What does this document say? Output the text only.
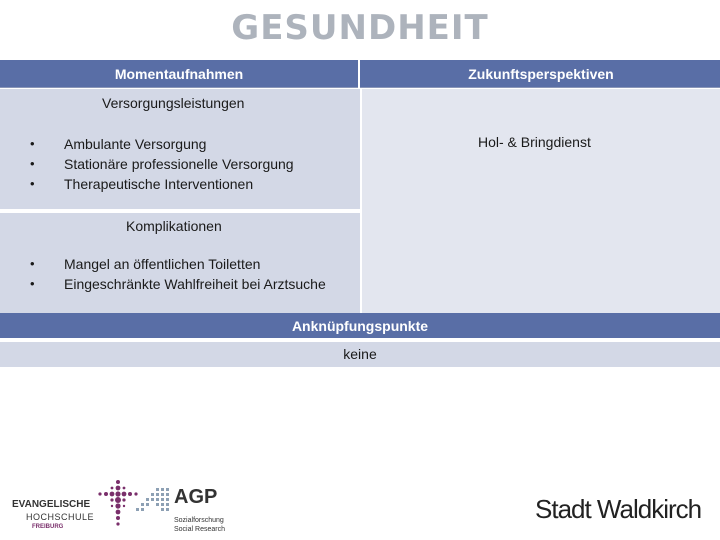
GESUNDHEIT
Momentaufnahmen	Zukunftsperspektiven
Versorgungsleistungen
• Ambulante Versorgung
• Stationäre professionelle Versorgung
• Therapeutische Interventionen
Komplikationen
• Mangel an öffentlichen Toiletten
• Eingeschränkte Wahlfreiheit bei Arztsuche
Hol- & Bringdienst
Anknüpfungspunkte
keine
EVANGELISCHE
HOCHSCHULE
FREIBURG
AGP
Sozialforschung
Social Research
Stadt Waldkirch
